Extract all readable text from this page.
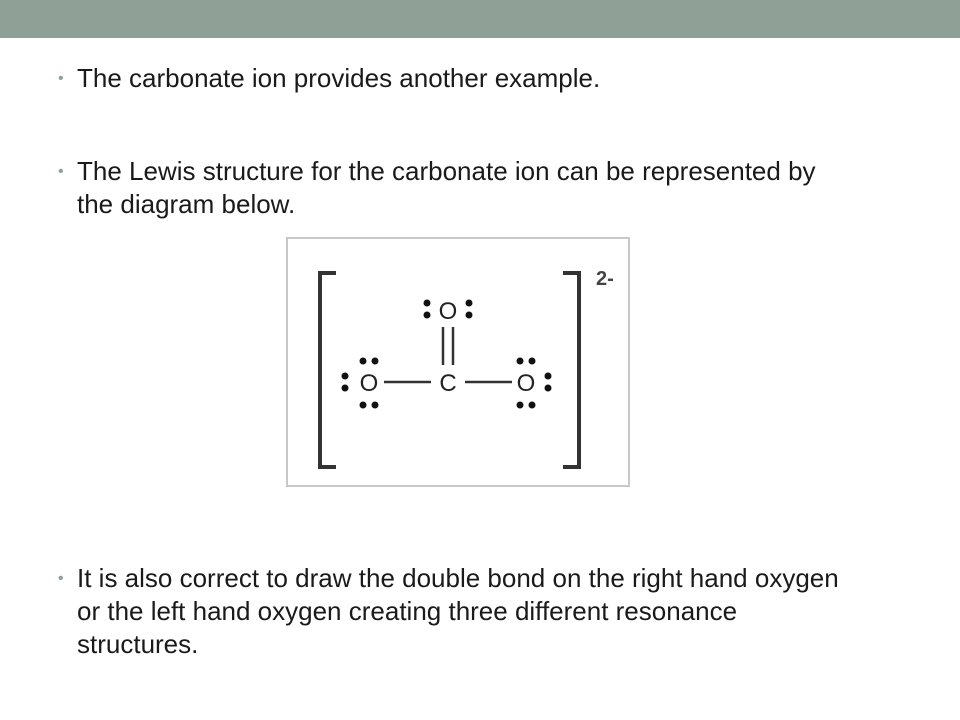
• The carbonate ion provides another example.
• The Lewis structure for the carbonate ion can be represented by the diagram below.
2-
O
C
O	O
• It is also correct to draw the double bond on the right hand oxygen or the left hand oxygen creating three different resonance structures.
